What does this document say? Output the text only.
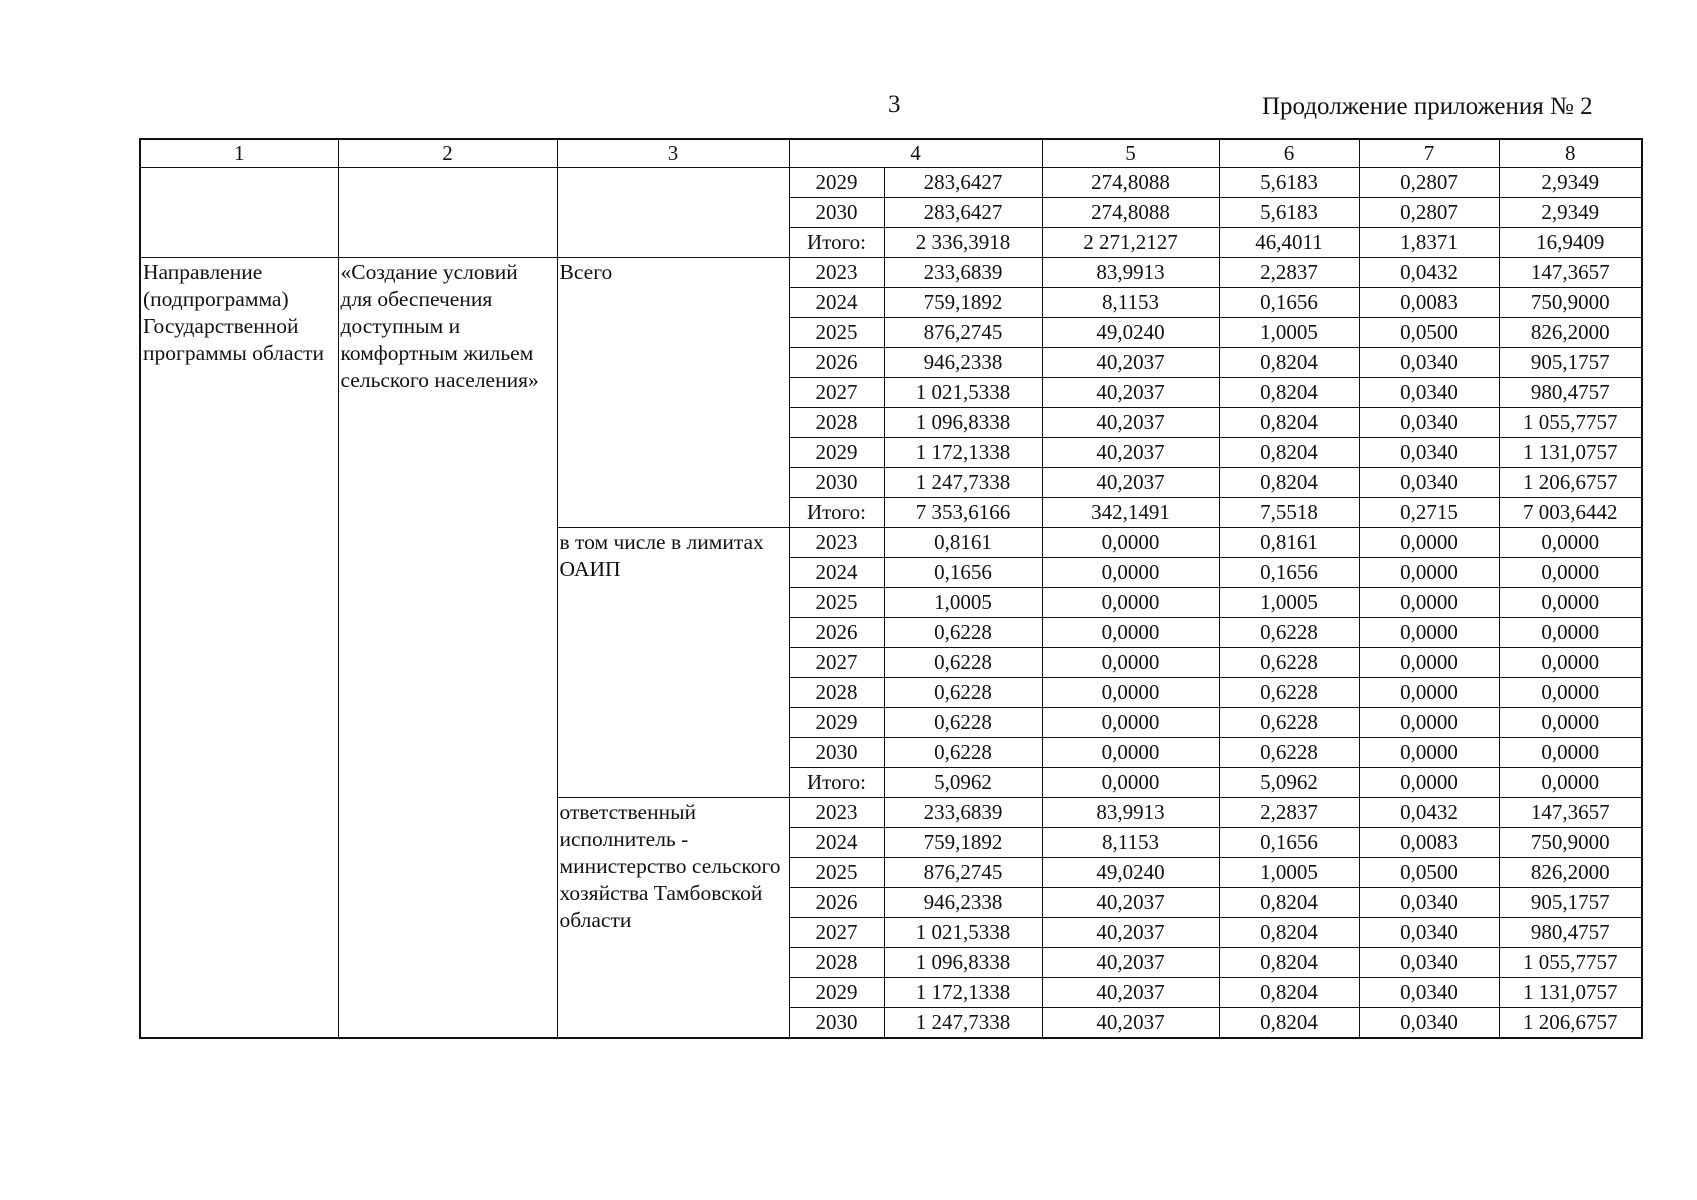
3	Продолжение приложения № 2
1	2	3	4		5	6	7	8
			2029	283,6427	274,8088	5,6183	0,2807	2,9349
			2030	283,6427	274,8088	5,6183	0,2807	2,9349
			Итого:	2 336,3918	2 271,2127	46,4011	1,8371	16,9409
Направление (подпрограмма) Государственной программы области	«Создание условий для обеспечения доступным и комфортным жильем сельского населения»	Всего	2023	233,6839	83,9913	2,2837	0,0432	147,3657
			2024	759,1892	8,1153	0,1656	0,0083	750,9000
			2025	876,2745	49,0240	1,0005	0,0500	826,2000
			2026	946,2338	40,2037	0,8204	0,0340	905,1757
			2027	1 021,5338	40,2037	0,8204	0,0340	980,4757
			2028	1 096,8338	40,2037	0,8204	0,0340	1 055,7757
			2029	1 172,1338	40,2037	0,8204	0,0340	1 131,0757
			2030	1 247,7338	40,2037	0,8204	0,0340	1 206,6757
			Итого:	7 353,6166	342,1491	7,5518	0,2715	7 003,6442
		в том числе в лимитах ОАИП	2023	0,8161	0,0000	0,8161	0,0000	0,0000
			2024	0,1656	0,0000	0,1656	0,0000	0,0000
			2025	1,0005	0,0000	1,0005	0,0000	0,0000
			2026	0,6228	0,0000	0,6228	0,0000	0,0000
			2027	0,6228	0,0000	0,6228	0,0000	0,0000
			2028	0,6228	0,0000	0,6228	0,0000	0,0000
			2029	0,6228	0,0000	0,6228	0,0000	0,0000
			2030	0,6228	0,0000	0,6228	0,0000	0,0000
			Итого:	5,0962	0,0000	5,0962	0,0000	0,0000
		ответственный исполнитель - министерство сельского хозяйства Тамбовской области	2023	233,6839	83,9913	2,2837	0,0432	147,3657
			2024	759,1892	8,1153	0,1656	0,0083	750,9000
			2025	876,2745	49,0240	1,0005	0,0500	826,2000
			2026	946,2338	40,2037	0,8204	0,0340	905,1757
			2027	1 021,5338	40,2037	0,8204	0,0340	980,4757
			2028	1 096,8338	40,2037	0,8204	0,0340	1 055,7757
			2029	1 172,1338	40,2037	0,8204	0,0340	1 131,0757
			2030	1 247,7338	40,2037	0,8204	0,0340	1 206,6757
